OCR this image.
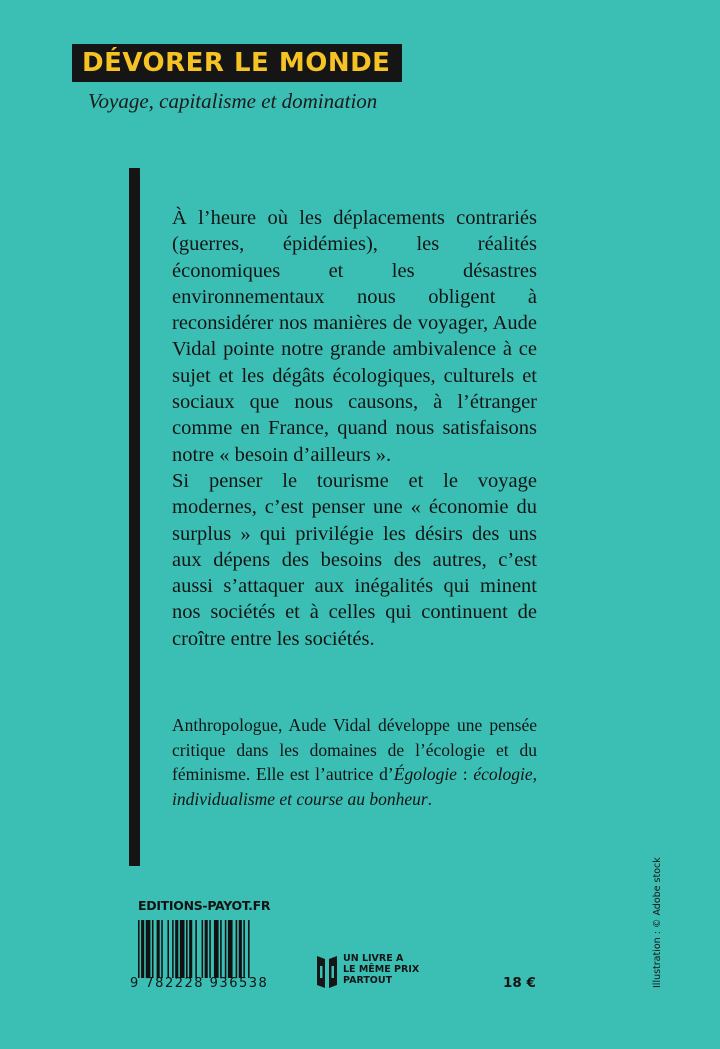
DÉVORER LE MONDE
Voyage, capitalisme et domination

À l’heure où les déplacements contrariés (guerres, épidémies), les réalités économiques et les désastres environnementaux nous obligent à reconsidérer nos manières de voyager, Aude Vidal pointe notre grande ambivalence à ce sujet et les dégâts écologiques, culturels et sociaux que nous causons, à l’étranger comme en France, quand nous satisfaisons notre « besoin d’ailleurs ».

Si penser le tourisme et le voyage modernes, c’est penser une « économie du surplus » qui privilégie les désirs des uns aux dépens des besoins des autres, c’est aussi s’attaquer aux inégalités qui minent nos sociétés et à celles qui continuent de croître entre les sociétés.

Anthropologue, Aude Vidal développe une pensée critique dans les domaines de l’écologie et du féminisme. Elle est l’autrice d’Égologie : écologie, individualisme et course au bonheur.
EDITIONS-PAYOT.FR
9 782228 936538
UN LIVRE A
LE MÊME PRIX
PARTOUT	18 €	Illustration : © Adobe stock
